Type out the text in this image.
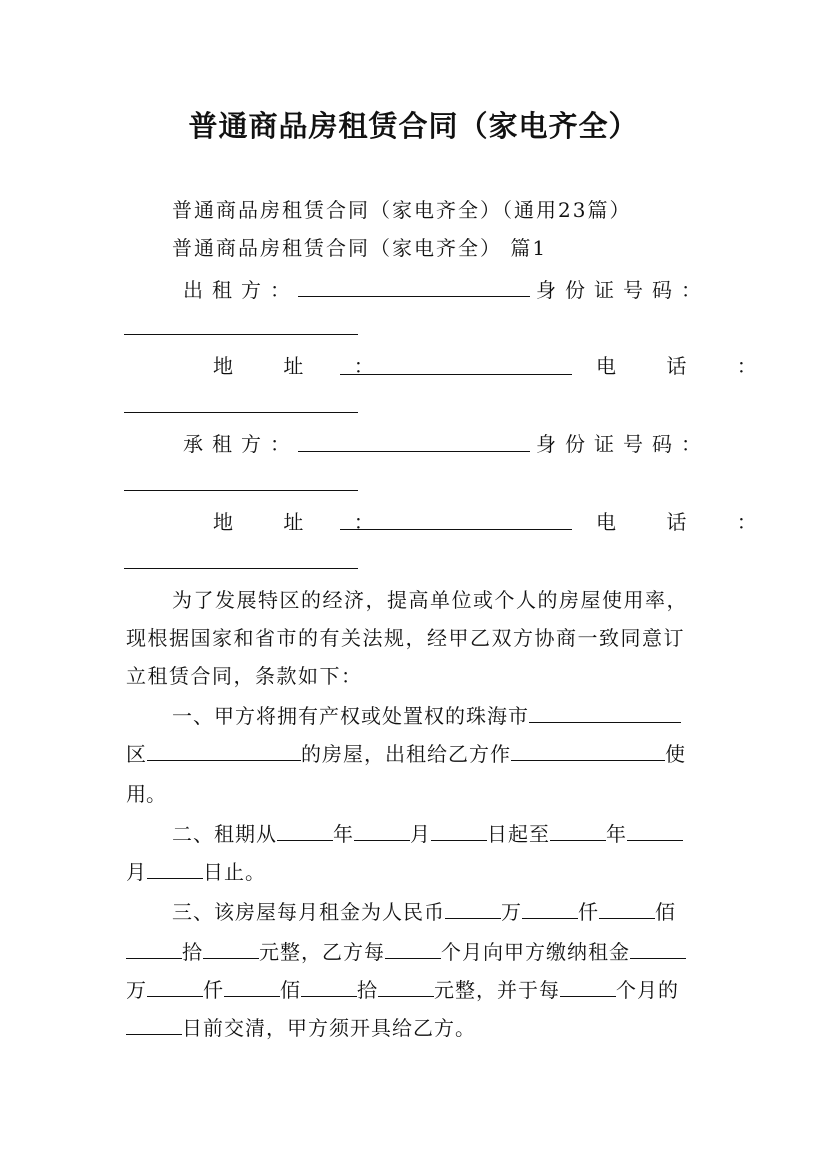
普通商品房租赁合同（家电齐全）
普通商品房租赁合同（家电齐全）（通用23篇）
普通商品房租赁合同（家电齐全） 篇1
出租方：	身份证号码：
地 址 ：	电 话 ：
承租方：	身份证号码：
地 址 ：	电 话 ：
为了发展特区的经济，提高单位或个人的房屋使用率，
现根据国家和省市的有关法规，经甲乙双方协商一致同意订
立租赁合同，条款如下：
一、甲方将拥有产权或处置权的珠海市
区	的房屋，出租给乙方作	使
用。
二、租期从	年	月	日起至	年
月	日止。
三、该房屋每月租金为人民币	万	仟	佰
拾	元整，乙方每	个月向甲方缴纳租金
万	仟	佰	拾	元整，并于每	个月的
日前交清，甲方须开具给乙方。
